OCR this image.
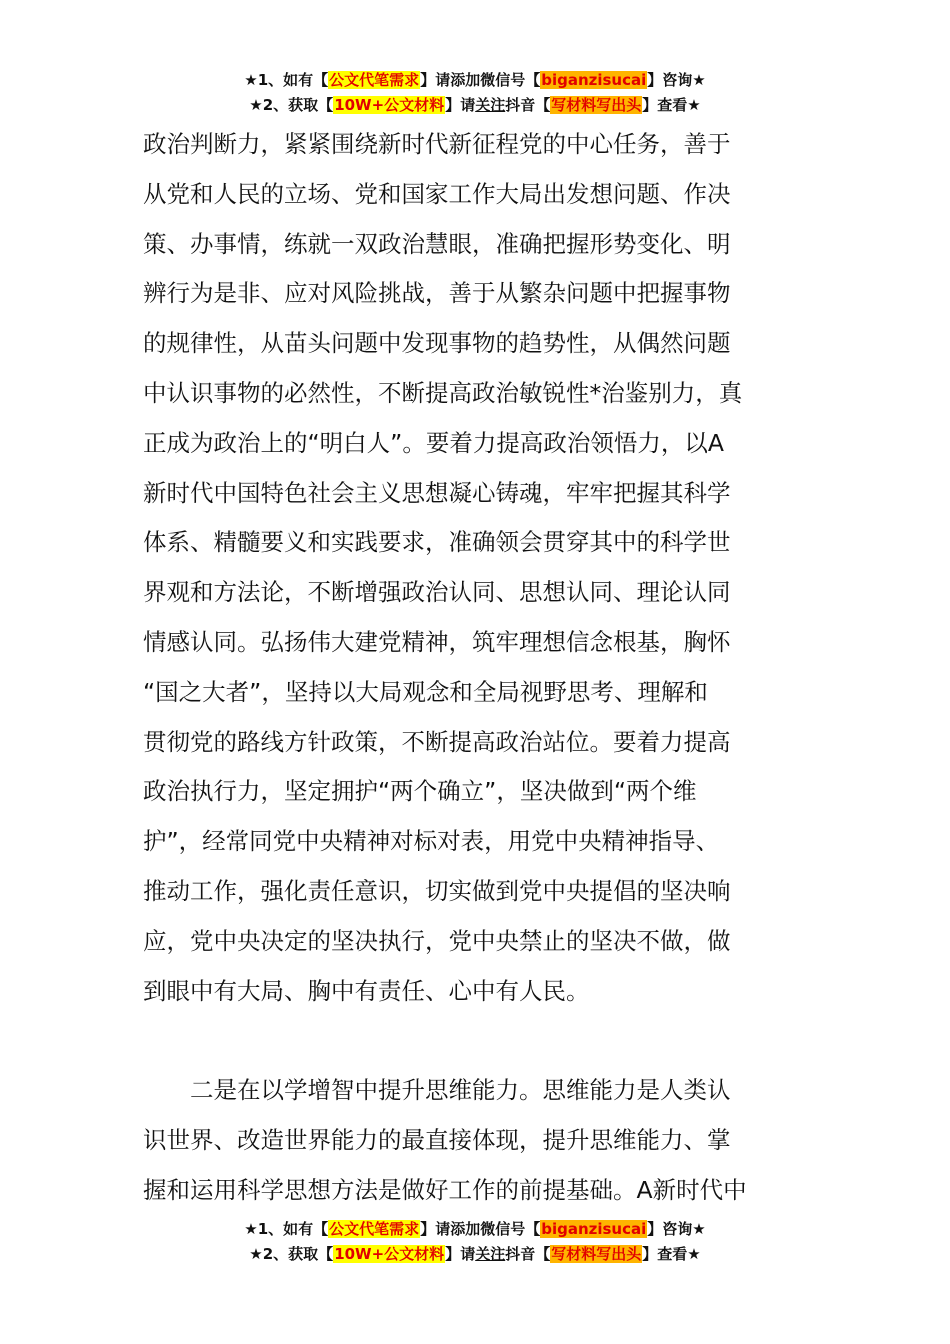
★1、如有【公文代笔需求】请添加微信号【biganzisucai】咨询★
★2、获取【10W+公文材料】请关注抖音【写材料写出头】查看★

政治判断力，紧紧围绕新时代新征程党的中心任务，善于
从党和人民的立场、党和国家工作大局出发想问题、作决
策、办事情，练就一双政治慧眼，准确把握形势变化、明
辨行为是非、应对风险挑战，善于从繁杂问题中把握事物
的规律性，从苗头问题中发现事物的趋势性，从偶然问题
中认识事物的必然性，不断提高政治敏锐性*治鉴别力，真
正成为政治上的“明白人”。要着力提高政治领悟力，以A
新时代中国特色社会主义思想凝心铸魂，牢牢把握其科学
体系、精髓要义和实践要求，准确领会贯穿其中的科学世
界观和方法论，不断增强政治认同、思想认同、理论认同
情感认同。弘扬伟大建党精神，筑牢理想信念根基，胸怀
“国之大者”，坚持以大局观念和全局视野思考、理解和
贯彻党的路线方针政策，不断提高政治站位。要着力提高
政治执行力，坚定拥护“两个确立”，坚决做到“两个维
护”，经常同党中央精神对标对表，用党中央精神指导、
推动工作，强化责任意识，切实做到党中央提倡的坚决响
应，党中央决定的坚决执行，党中央禁止的坚决不做，做
到眼中有大局、胸中有责任、心中有人民。

二是在以学增智中提升思维能力。思维能力是人类认
识世界、改造世界能力的最直接体现，提升思维能力、掌
握和运用科学思想方法是做好工作的前提基础。A新时代中

★1、如有【公文代笔需求】请添加微信号【biganzisucai】咨询★
★2、获取【10W+公文材料】请关注抖音【写材料写出头】查看★
